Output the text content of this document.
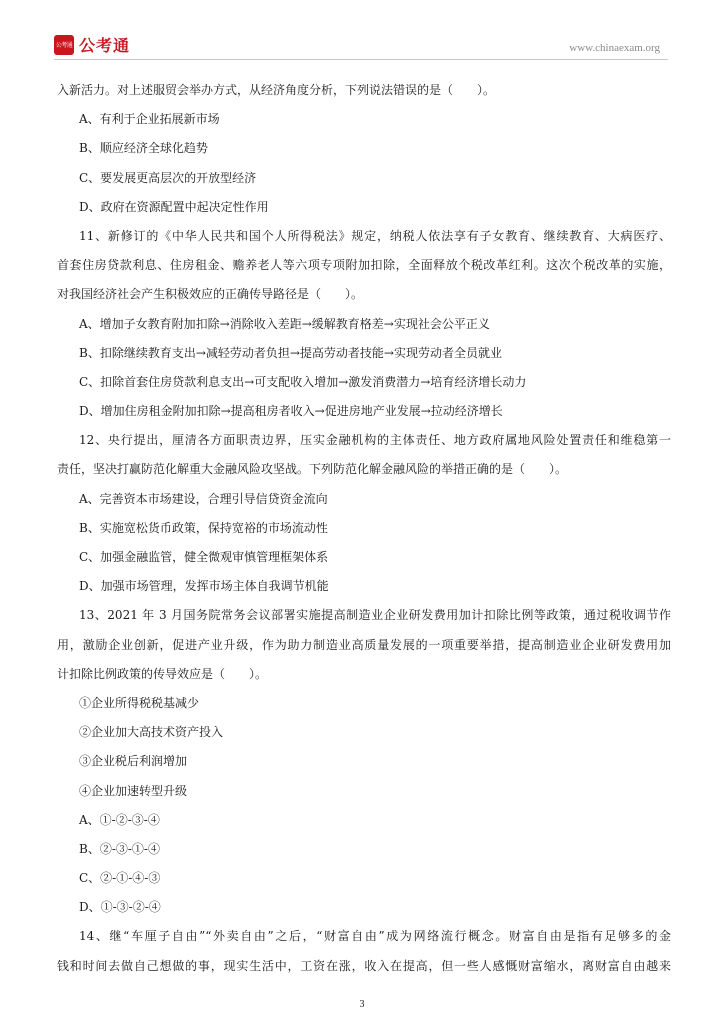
公考通 公考通	www.chinaexam.org
入新活力。对上述服贸会举办方式，从经济角度分析，下列说法错误的是（　　）。
A、有利于企业拓展新市场
B、顺应经济全球化趋势
C、要发展更高层次的开放型经济
D、政府在资源配置中起决定性作用
11、新修订的《中华人民共和国个人所得税法》规定，纳税人依法享有子女教育、继续教育、大病医疗、
首套住房贷款利息、住房租金、赡养老人等六项专项附加扣除，全面释放个税改革红利。这次个税改革的实施，
对我国经济社会产生积极效应的正确传导路径是（　　）。
A、增加子女教育附加扣除→消除收入差距→缓解教育格差→实现社会公平正义
B、扣除继续教育支出→减轻劳动者负担→提高劳动者技能→实现劳动者全员就业
C、扣除首套住房贷款利息支出→可支配收入增加→激发消费潜力→培育经济增长动力
D、增加住房租金附加扣除→提高租房者收入→促进房地产业发展→拉动经济增长
12、央行提出，厘清各方面职责边界，压实金融机构的主体责任、地方政府属地风险处置责任和维稳第一
责任，坚决打赢防范化解重大金融风险攻坚战。下列防范化解金融风险的举措正确的是（　　）。
A、完善资本市场建设，合理引导信贷资金流向
B、实施宽松货币政策，保持宽裕的市场流动性
C、加强金融监管，健全微观审慎管理框架体系
D、加强市场管理，发挥市场主体自我调节机能
13、2021 年 3 月国务院常务会议部署实施提高制造业企业研发费用加计扣除比例等政策，通过税收调节作
用，激励企业创新，促进产业升级，作为助力制造业高质量发展的一项重要举措，提高制造业企业研发费用加
计扣除比例政策的传导效应是（　　）。
①企业所得税税基减少
②企业加大高技术资产投入
③企业税后利润增加
④企业加速转型升级
A、①-②-③-④
B、②-③-①-④
C、②-①-④-③
D、①-③-②-④
14、继“车厘子自由”“外卖自由”之后，“财富自由”成为网络流行概念。财富自由是指有足够多的金
钱和时间去做自己想做的事，现实生活中，工资在涨，收入在提高，但一些人感慨财富缩水，离财富自由越来
3
